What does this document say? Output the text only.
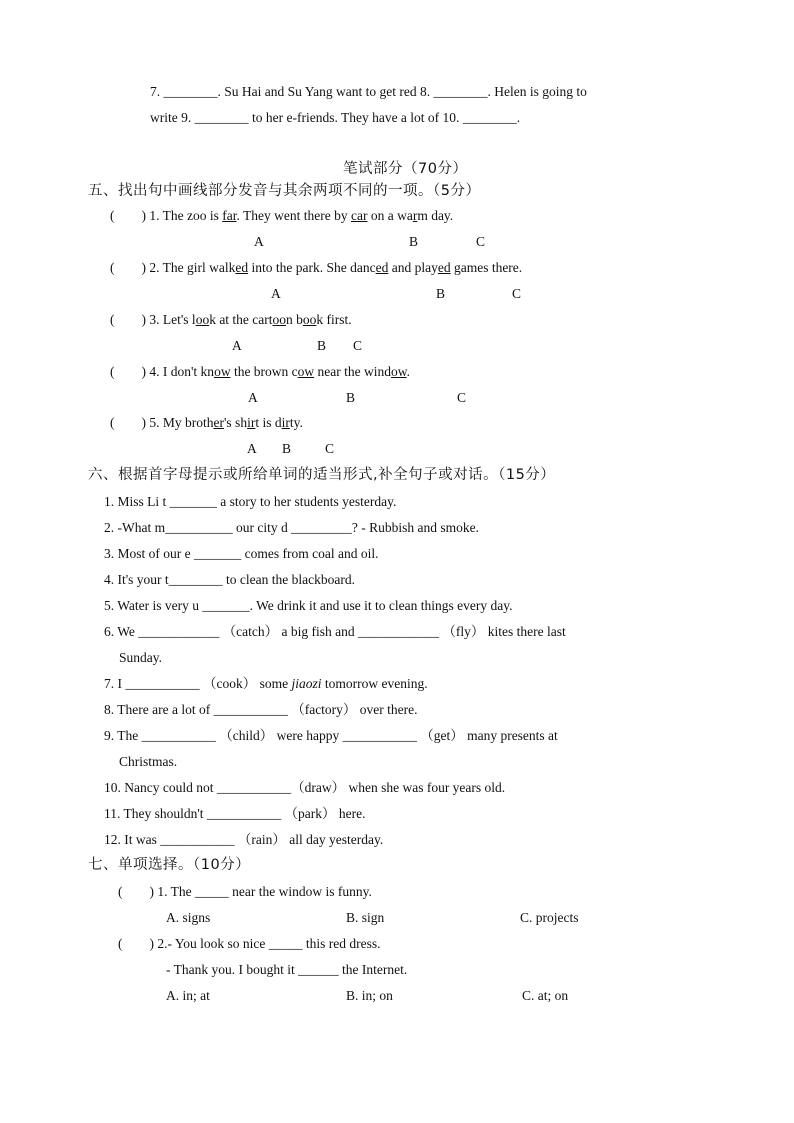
7. ________. Su Hai and Su Yang want to get red 8. ________. Helen is going to
write 9. ________ to her e-friends. They have a lot of 10. ________.
笔试部分（70分）
五、找出句中画线部分发音与其余两项不同的一项。（5分）
(        ) 1. The zoo is far. They went there by car on a warm day.
A	B	C
(        ) 2. The girl walked into the park. She danced and played games there.
A	B	C
(        ) 3. Let's look at the cartoon book first.
A	B C
(        ) 4. I don't know the brown cow near the window.
A	B	C
(        ) 5. My brother's shirt is dirty.
A B	C
六、根据首字母提示或所给单词的适当形式,补全句子或对话。（15分）
1. Miss Li t _______ a story to her students yesterday.
2. -What m__________ our city d _________? - Rubbish and smoke.
3. Most of our e _______ comes from coal and oil.
4. It's your t________ to clean the blackboard.
5. Water is very u _______. We drink it and use it to clean things every day.
6. We ____________ （catch） a big fish and ____________ （fly） kites there last
Sunday.
7. I ___________ （cook） some jiaozi tomorrow evening.
8. There are a lot of ___________ （factory） over there.
9. The ___________ （child） were happy ___________ （get） many presents at
Christmas.
10. Nancy could not ___________（draw） when she was four years old.
11. They shouldn't ___________ （park） here.
12. It was ___________ （rain） all day yesterday.
七、单项选择。（10分）
(        ) 1. The _____ near the window is funny.
A. signs	B. sign	C. projects
(        ) 2.- You look so nice _____ this red dress.
- Thank you. I bought it ______ the Internet.
A. in; at	B. in; on	C. at; on
